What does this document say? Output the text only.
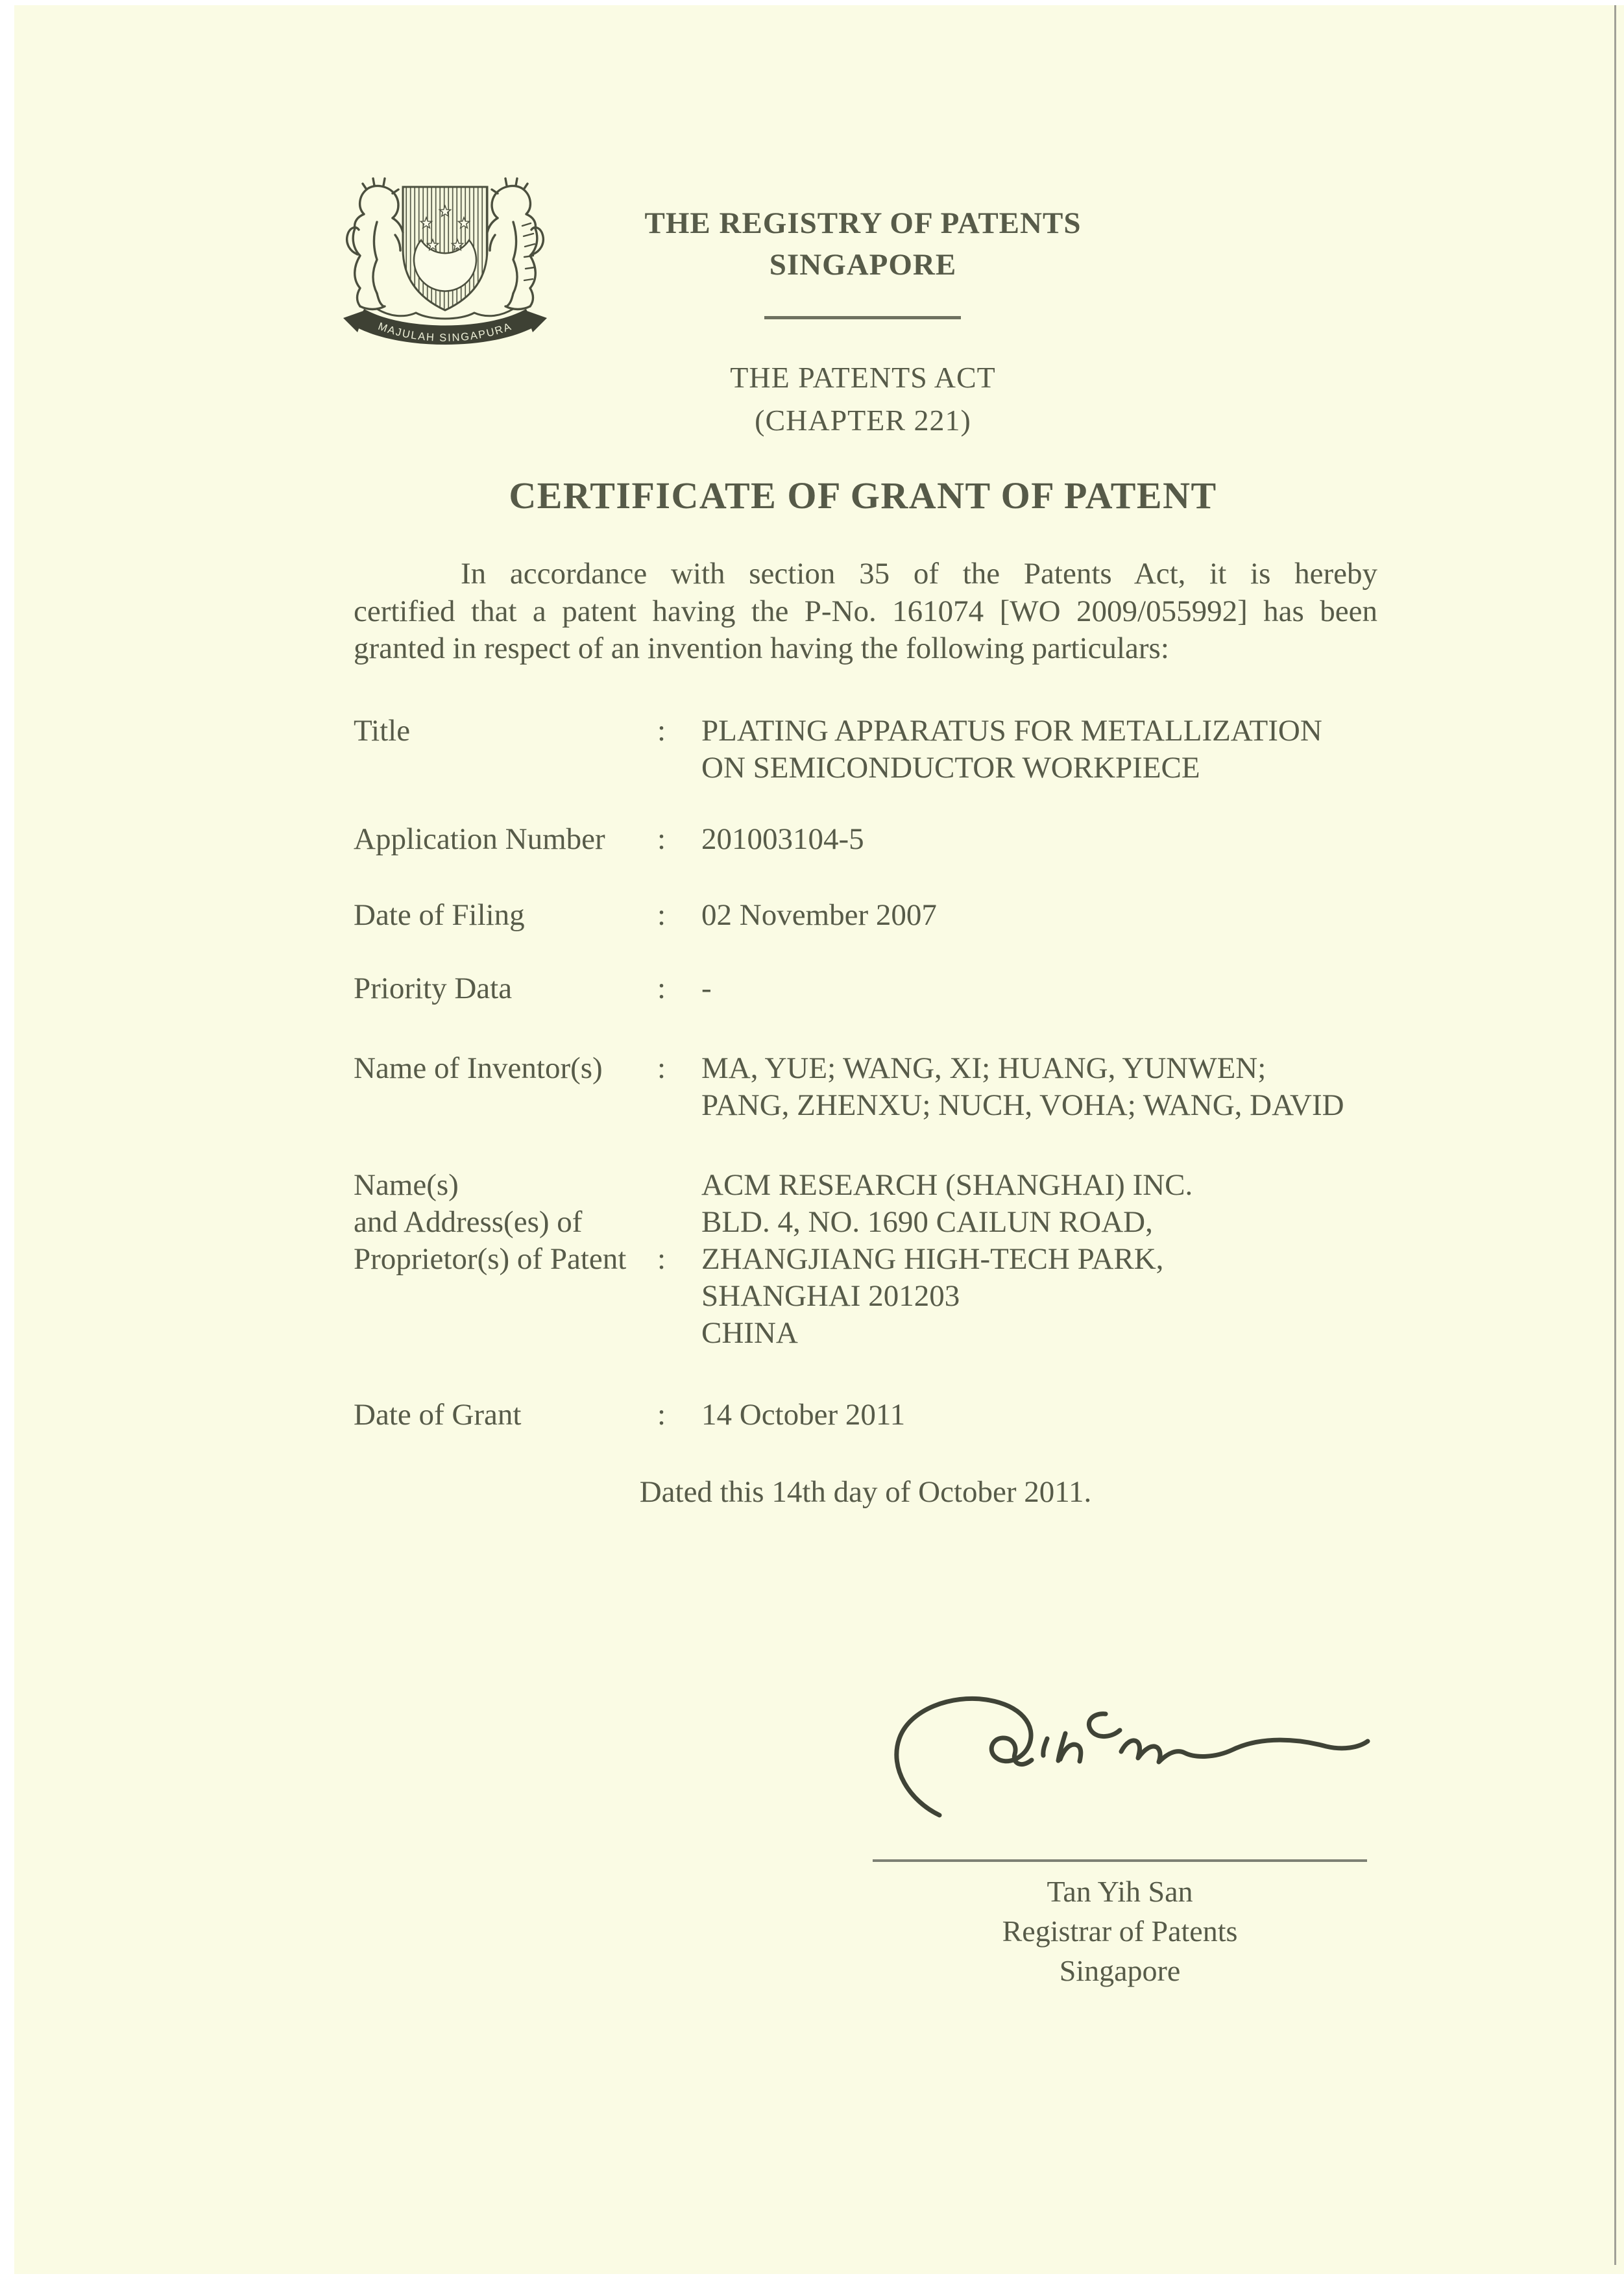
MAJULAH SINGAPURA
THE REGISTRY OF PATENTS
SINGAPORE
THE PATENTS ACT
(CHAPTER 221)
CERTIFICATE OF GRANT OF PATENT
In accordance with section 35 of the Patents Act, it is hereby
certified that a patent having the P-No. 161074 [WO 2009/055992] has been
granted in respect of an invention having the following particulars:
Title	:	PLATING APPARATUS FOR METALLIZATION
ON SEMICONDUCTOR WORKPIECE
Application Number	:	201003104-5
Date of Filing	:	02 November 2007
Priority Data	:	-
Name of Inventor(s)	:	MA, YUE; WANG, XI; HUANG, YUNWEN;
PANG, ZHENXU; NUCH, VOHA; WANG, DAVID
Name(s)
and Address(es) of
Proprietor(s) of Patent	:
ACM RESEARCH (SHANGHAI) INC.
BLD. 4, NO. 1690 CAILUN ROAD,
ZHANGJIANG HIGH-TECH PARK,
SHANGHAI 201203
CHINA
Date of Grant	:	14 October 2011
Dated this 14th day of October 2011.
Tan Yih San
Registrar of Patents
Singapore
